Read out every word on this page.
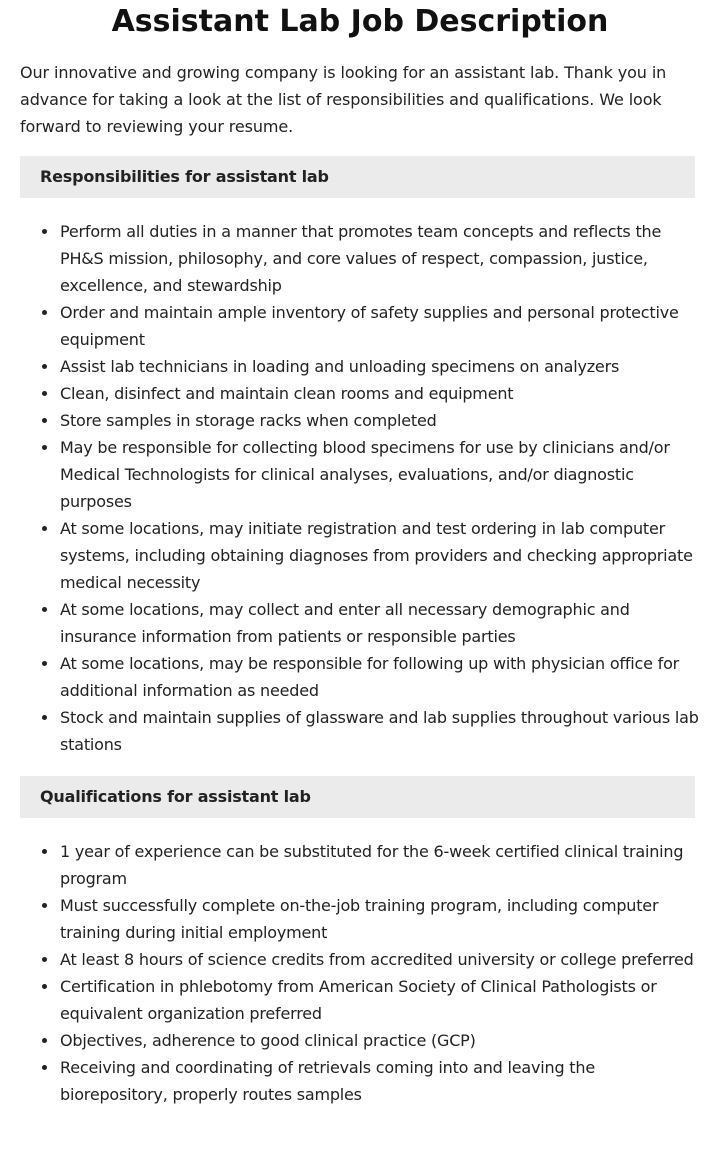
Assistant Lab Job Description

Our innovative and growing company is looking for an assistant lab. Thank you in advance for taking a look at the list of responsibilities and qualifications. We look forward to reviewing your resume.

Responsibilities for assistant lab
Perform all duties in a manner that promotes team concepts and reflects the PH&S mission, philosophy, and core values of respect, compassion, justice, excellence, and stewardship
Order and maintain ample inventory of safety supplies and personal protective equipment
Assist lab technicians in loading and unloading specimens on analyzers
Clean, disinfect and maintain clean rooms and equipment
Store samples in storage racks when completed
May be responsible for collecting blood specimens for use by clinicians and/or Medical Technologists for clinical analyses, evaluations, and/or diagnostic purposes
At some locations, may initiate registration and test ordering in lab computer systems, including obtaining diagnoses from providers and checking appropriate medical necessity
At some locations, may collect and enter all necessary demographic and insurance information from patients or responsible parties
At some locations, may be responsible for following up with physician office for additional information as needed
Stock and maintain supplies of glassware and lab supplies throughout various lab stations
Qualifications for assistant lab
1 year of experience can be substituted for the 6-week certified clinical training program
Must successfully complete on-the-job training program, including computer training during initial employment
At least 8 hours of science credits from accredited university or college preferred
Certification in phlebotomy from American Society of Clinical Pathologists or equivalent organization preferred
Objectives, adherence to good clinical practice (GCP)
Receiving and coordinating of retrievals coming into and leaving the biorepository, properly routes samples
